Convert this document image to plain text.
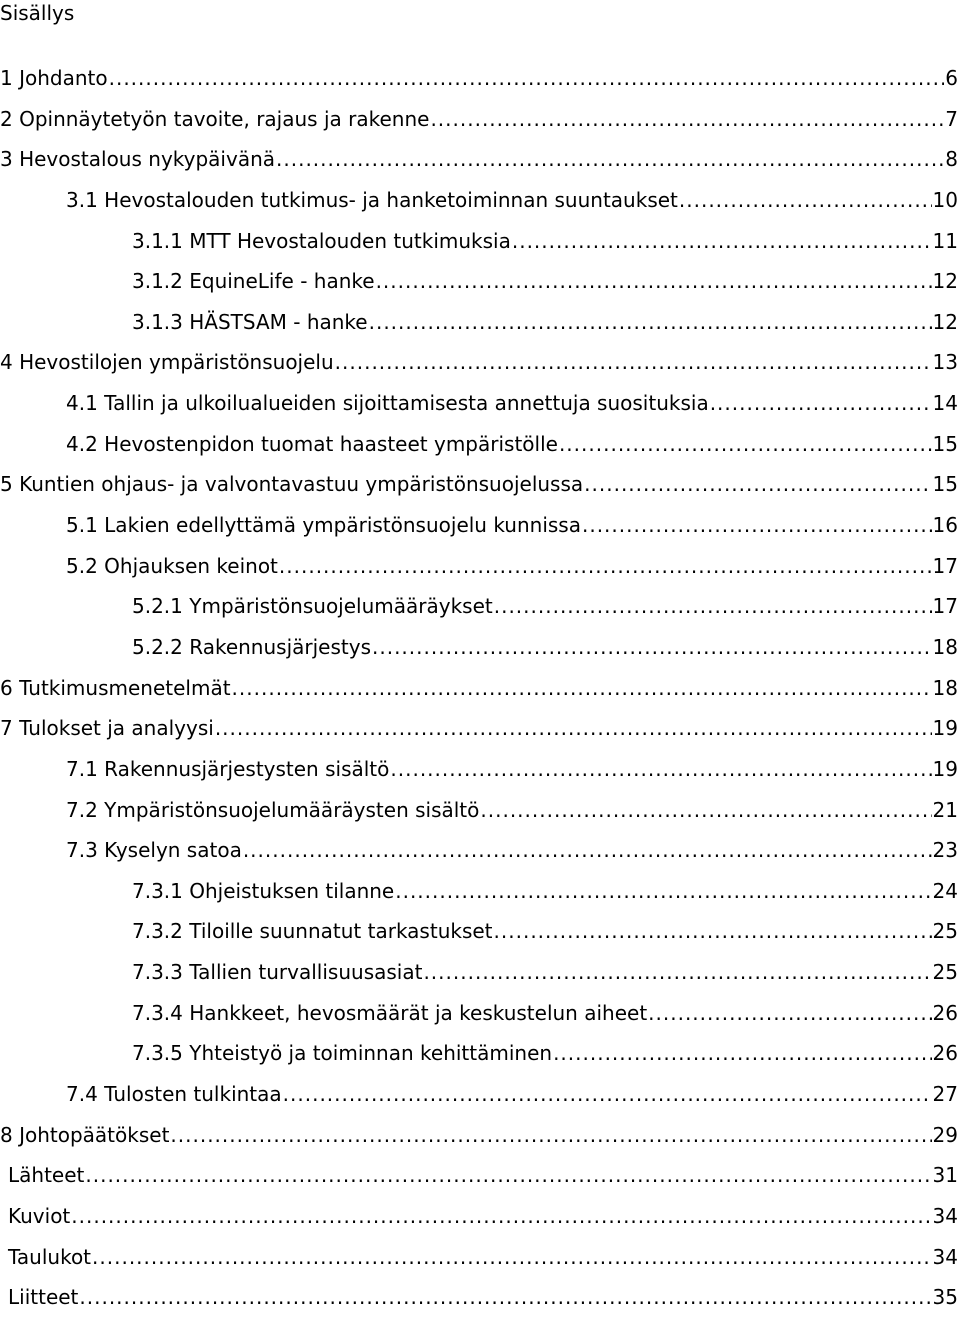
Sisällys
1 Johdanto .....	6
2 Opinnäytetyön tavoite, rajaus ja rakenne .....	7
3 Hevostalous nykypäivänä .....	8
3.1 Hevostalouden tutkimus- ja hanketoiminnan suuntaukset .....	10
3.1.1 MTT Hevostalouden tutkimuksia .....	11
3.1.2 EquineLife - hanke .....	12
3.1.3 HÄSTSAM - hanke .....	12
4 Hevostilojen ympäristönsuojelu .....	13
4.1 Tallin ja ulkoilualueiden sijoittamisesta annettuja suosituksia .....	14
4.2 Hevostenpidon tuomat haasteet ympäristölle .....	15
5 Kuntien ohjaus- ja valvontavastuu ympäristönsuojelussa .....	15
5.1 Lakien edellyttämä ympäristönsuojelu kunnissa .....	16
5.2 Ohjauksen keinot .....	17
5.2.1 Ympäristönsuojelumääräykset .....	17
5.2.2 Rakennusjärjestys .....	18
6 Tutkimusmenetelmät .....	18
7 Tulokset ja analyysi .....	19
7.1 Rakennusjärjestysten sisältö .....	19
7.2 Ympäristönsuojelumääräysten sisältö .....	21
7.3 Kyselyn satoa .....	23
7.3.1 Ohjeistuksen tilanne .....	24
7.3.2 Tiloille suunnatut tarkastukset .....	25
7.3.3 Tallien turvallisuusasiat .....	25
7.3.4 Hankkeet, hevosmäärät ja keskustelun aiheet .....	26
7.3.5 Yhteistyö ja toiminnan kehittäminen .....	26
7.4 Tulosten tulkintaa .....	27
8 Johtopäätökset .....	29
Lähteet .....	31
Kuviot .....	34
Taulukot .....	34
Liitteet .....	35
